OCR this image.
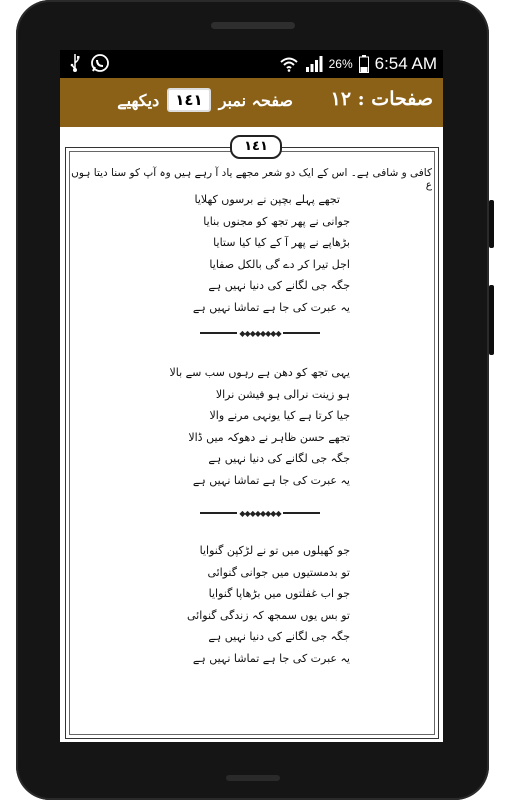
26% 6:54 AM
صفحات : ١٢
صفحہ نمبر
١٤١
دیکھیے
١٤١
کافی و شافی ہے۔ اس کے ایک دو شعر مجھے یاد آ رہے ہیں وہ آپ کو سنا دیتا ہوں ع
تجھے پہلے بچپن نے برسوں کھلایا
جوانی نے پھر تجھ کو مجنوں بنایا
بڑھاپے نے پھر آ کے کیا کیا ستایا
اجل تیرا کر دے گی بالکل صفایا
جگہ جی لگانے کی دنیا نہیں ہے
یہ عبرت کی جا ہے تماشا نہیں ہے
◆◆◆◆◆◆◆◆
یہی تجھ کو دھن ہے رہوں سب سے بالا
ہو زینت نرالی ہو فیشن نرالا
جیا کرتا ہے کیا یونہی مرنے والا
تجھے حسن ظاہر نے دھوکہ میں ڈالا
جگہ جی لگانے کی دنیا نہیں ہے
یہ عبرت کی جا ہے تماشا نہیں ہے
◆◆◆◆◆◆◆◆
جو کھیلوں میں تو نے لڑکپن گنوایا
تو بدمستیوں میں جوانی گنوائی
جو اب غفلتوں میں بڑھاپا گنوایا
تو بس یوں سمجھ کہ زندگی گنوائی
جگہ جی لگانے کی دنیا نہیں ہے
یہ عبرت کی جا ہے تماشا نہیں ہے
